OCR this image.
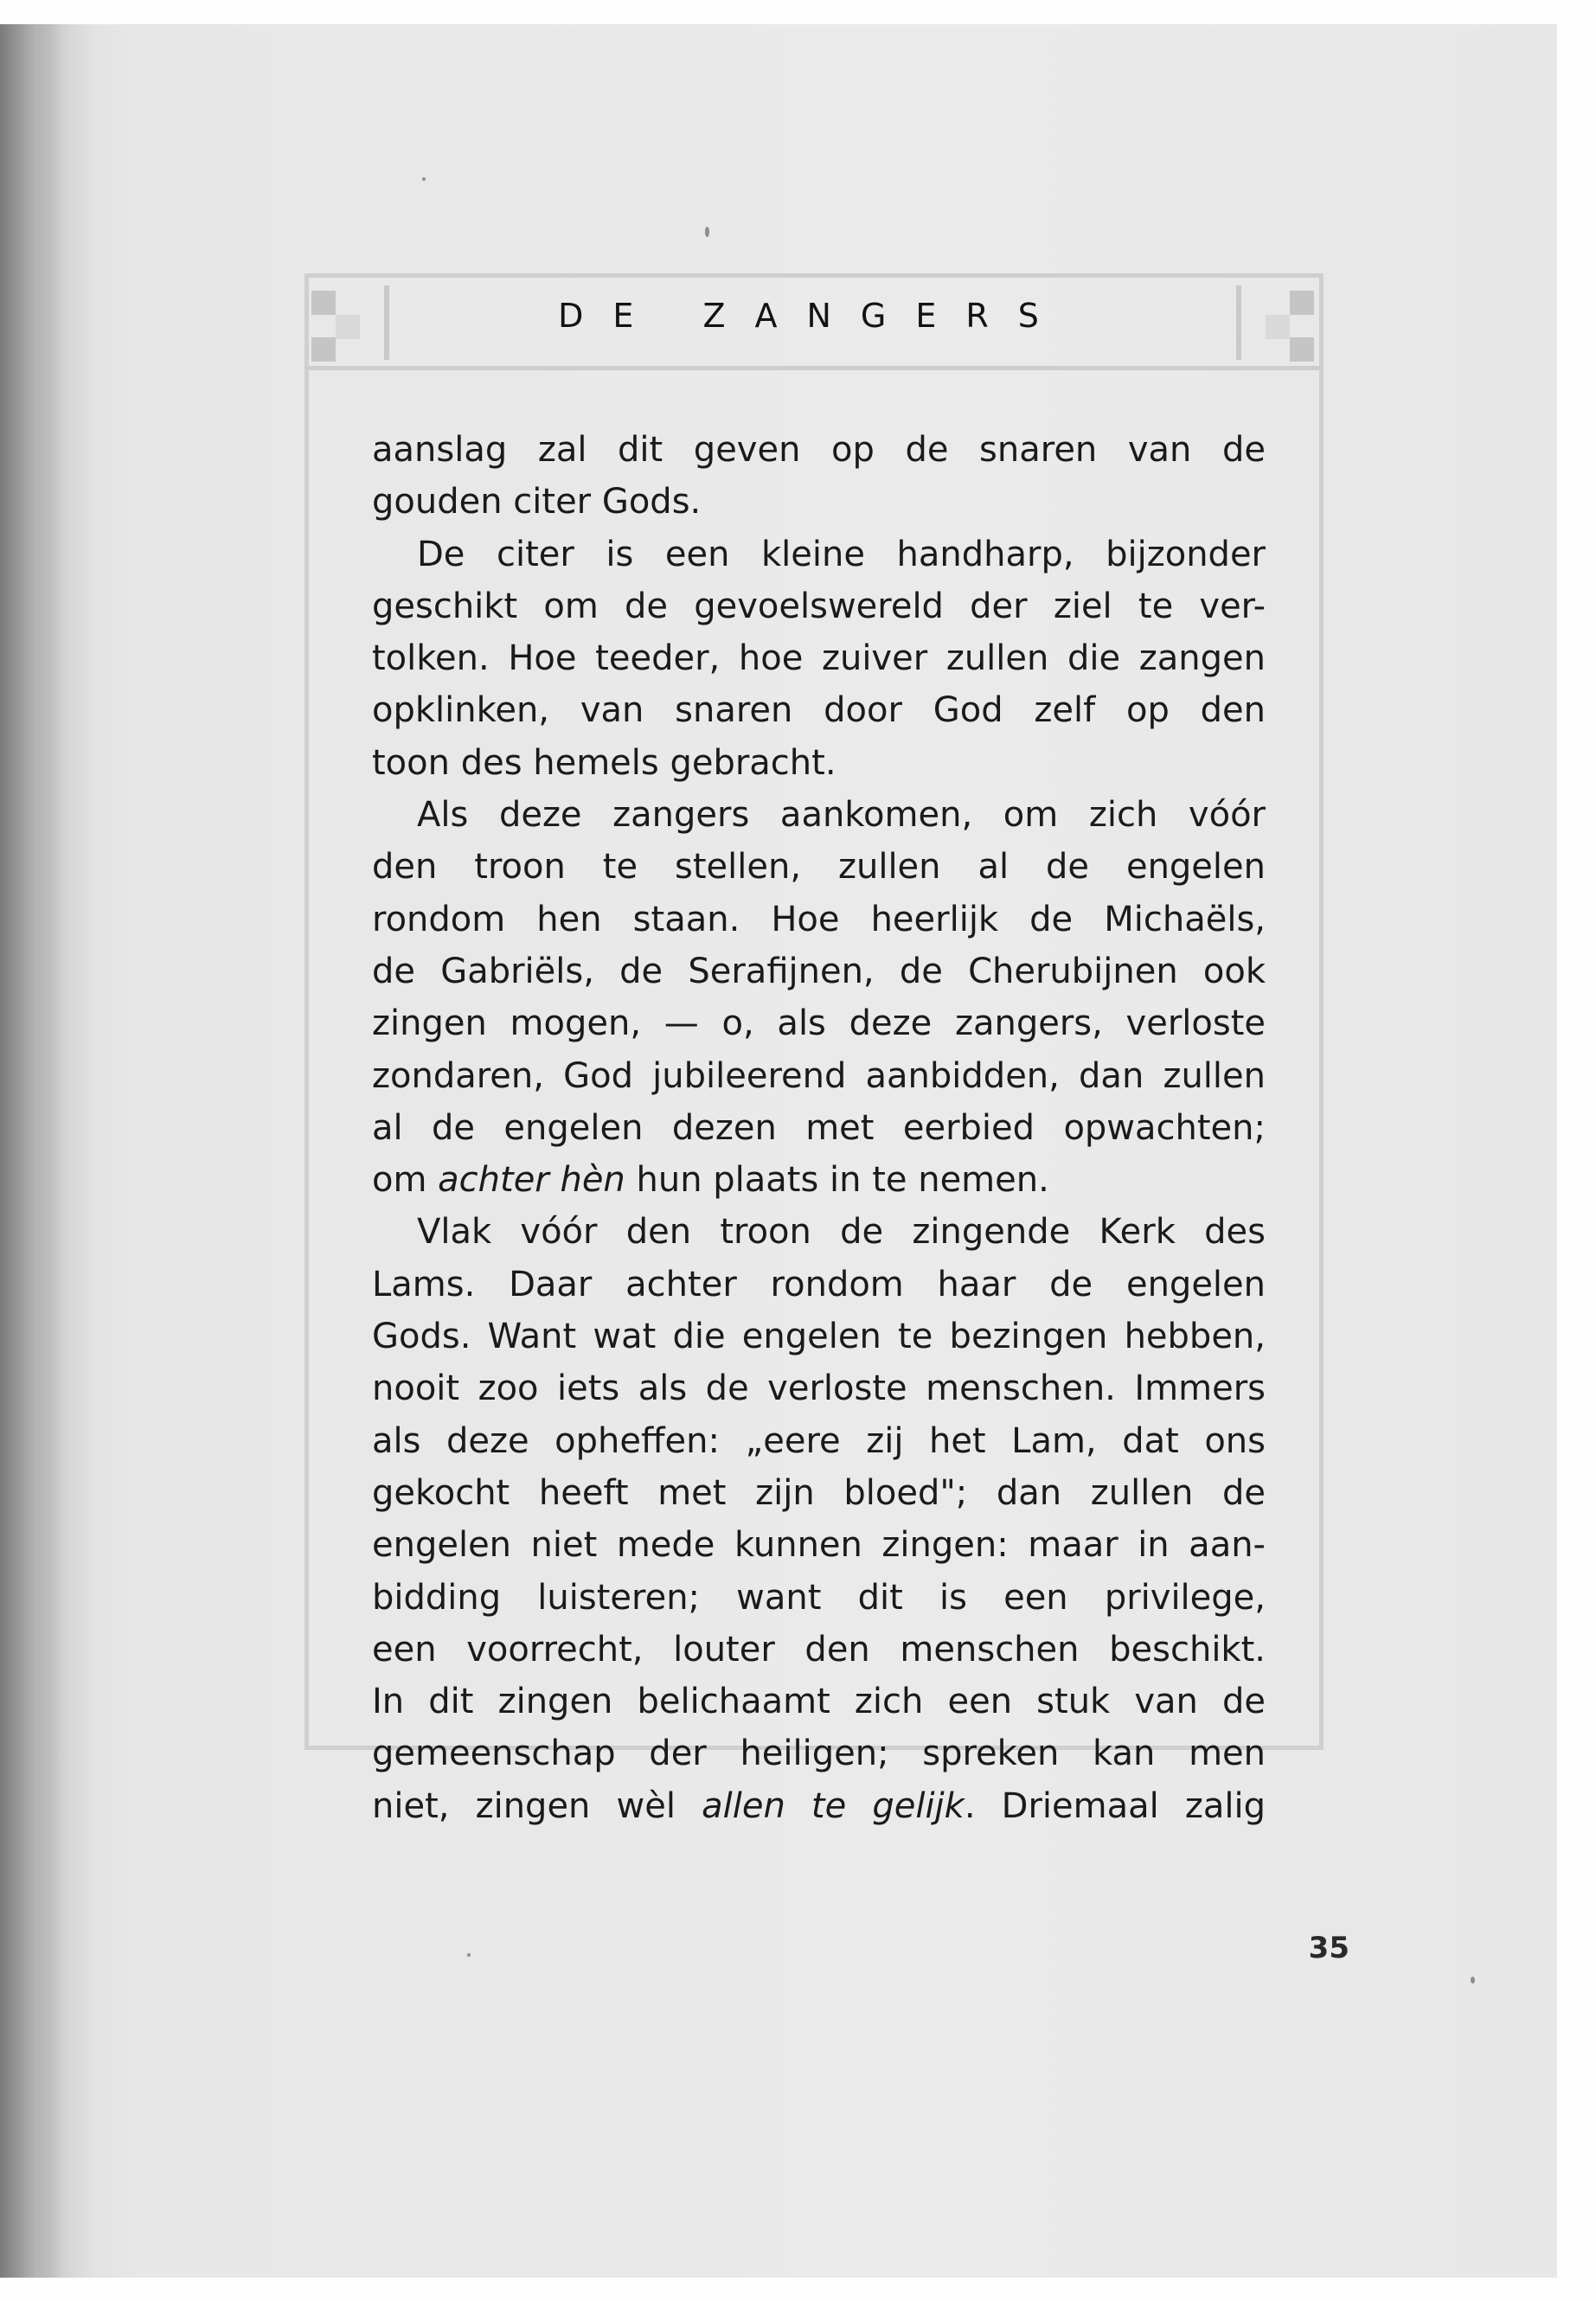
DE ZANGERS
aanslag zal dit geven op de snaren van de
gouden citer Gods.
De citer is een kleine handharp, bijzonder
geschikt om de gevoelswereld der ziel te ver-
tolken. Hoe teeder, hoe zuiver zullen die zangen
opklinken, van snaren door God zelf op den
toon des hemels gebracht.
Als deze zangers aankomen, om zich vóór
den troon te stellen, zullen al de engelen
rondom hen staan. Hoe heerlijk de Michaëls,
de Gabriëls, de Serafijnen, de Cherubijnen ook
zingen mogen, — o, als deze zangers, verloste
zondaren, God jubileerend aanbidden, dan zullen
al de engelen dezen met eerbied opwachten;
om achter hèn hun plaats in te nemen.
Vlak vóór den troon de zingende Kerk des
Lams. Daar achter rondom haar de engelen
Gods. Want wat die engelen te bezingen hebben,
nooit zoo iets als de verloste menschen. Immers
als deze opheffen: „eere zij het Lam, dat ons
gekocht heeft met zijn bloed"; dan zullen de
engelen niet mede kunnen zingen: maar in aan-
bidding luisteren; want dit is een privilege,
een voorrecht, louter den menschen beschikt.
In dit zingen belichaamt zich een stuk van de
gemeenschap der heiligen; spreken kan men
niet, zingen wèl allen te gelijk. Driemaal zalig
35
